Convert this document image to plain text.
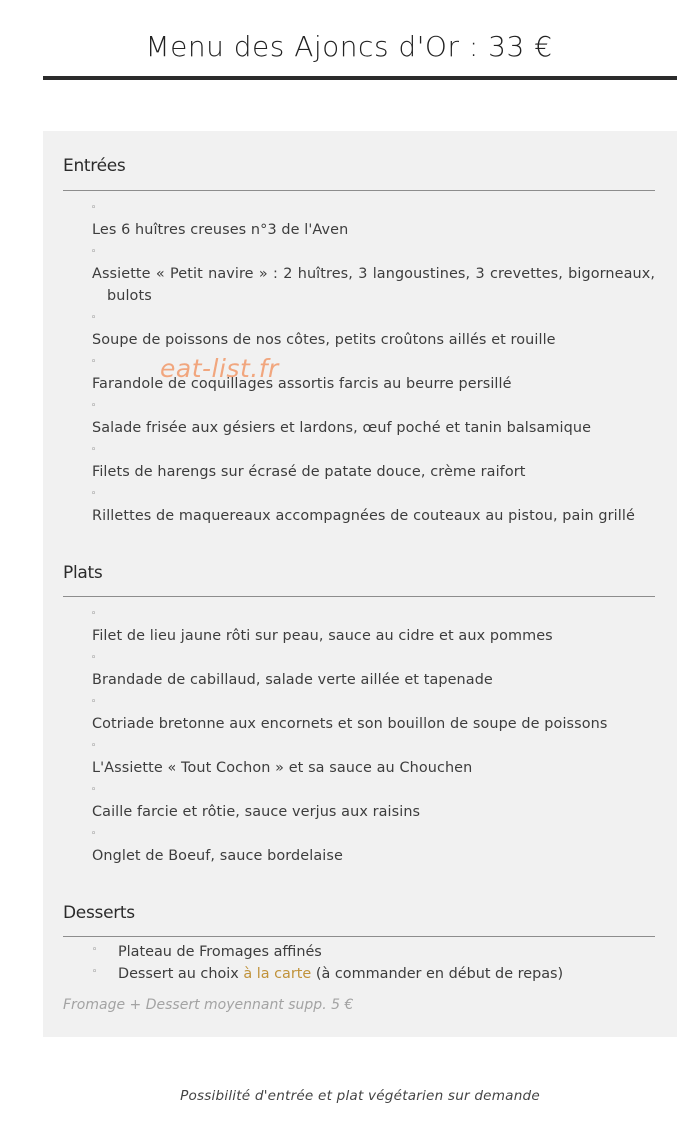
Menu des Ajoncs d'Or : 33 €
Entrées
◦
Les 6 huîtres creuses n°3 de l'Aven
◦
Assiette « Petit navire » : 2 huîtres, 3 langoustines, 3 crevettes, bigorneaux,
bulots
◦
Soupe de poissons de nos côtes, petits croûtons aillés et rouille
◦
Farandole de coquillages assortis farcis au beurre persillé
◦
Salade frisée aux gésiers et lardons, œuf poché et tanin balsamique
◦
Filets de harengs sur écrasé de patate douce, crème raifort
◦
Rillettes de maquereaux accompagnées de couteaux au pistou, pain grillé
Plats
◦
Filet de lieu jaune rôti sur peau, sauce au cidre et aux pommes
◦
Brandade de cabillaud, salade verte aillée et tapenade
◦
Cotriade bretonne aux encornets et son bouillon de soupe de poissons
◦
L'Assiette « Tout Cochon » et sa sauce au Chouchen
◦
Caille farcie et rôtie, sauce verjus aux raisins
◦
Onglet de Boeuf, sauce bordelaise
Desserts
◦ Plateau de Fromages affinés
◦ Dessert au choix à la carte (à commander en début de repas)
Fromage + Dessert moyennant supp. 5 €
eat-list.fr
Possibilité d'entrée et plat végétarien sur demande
